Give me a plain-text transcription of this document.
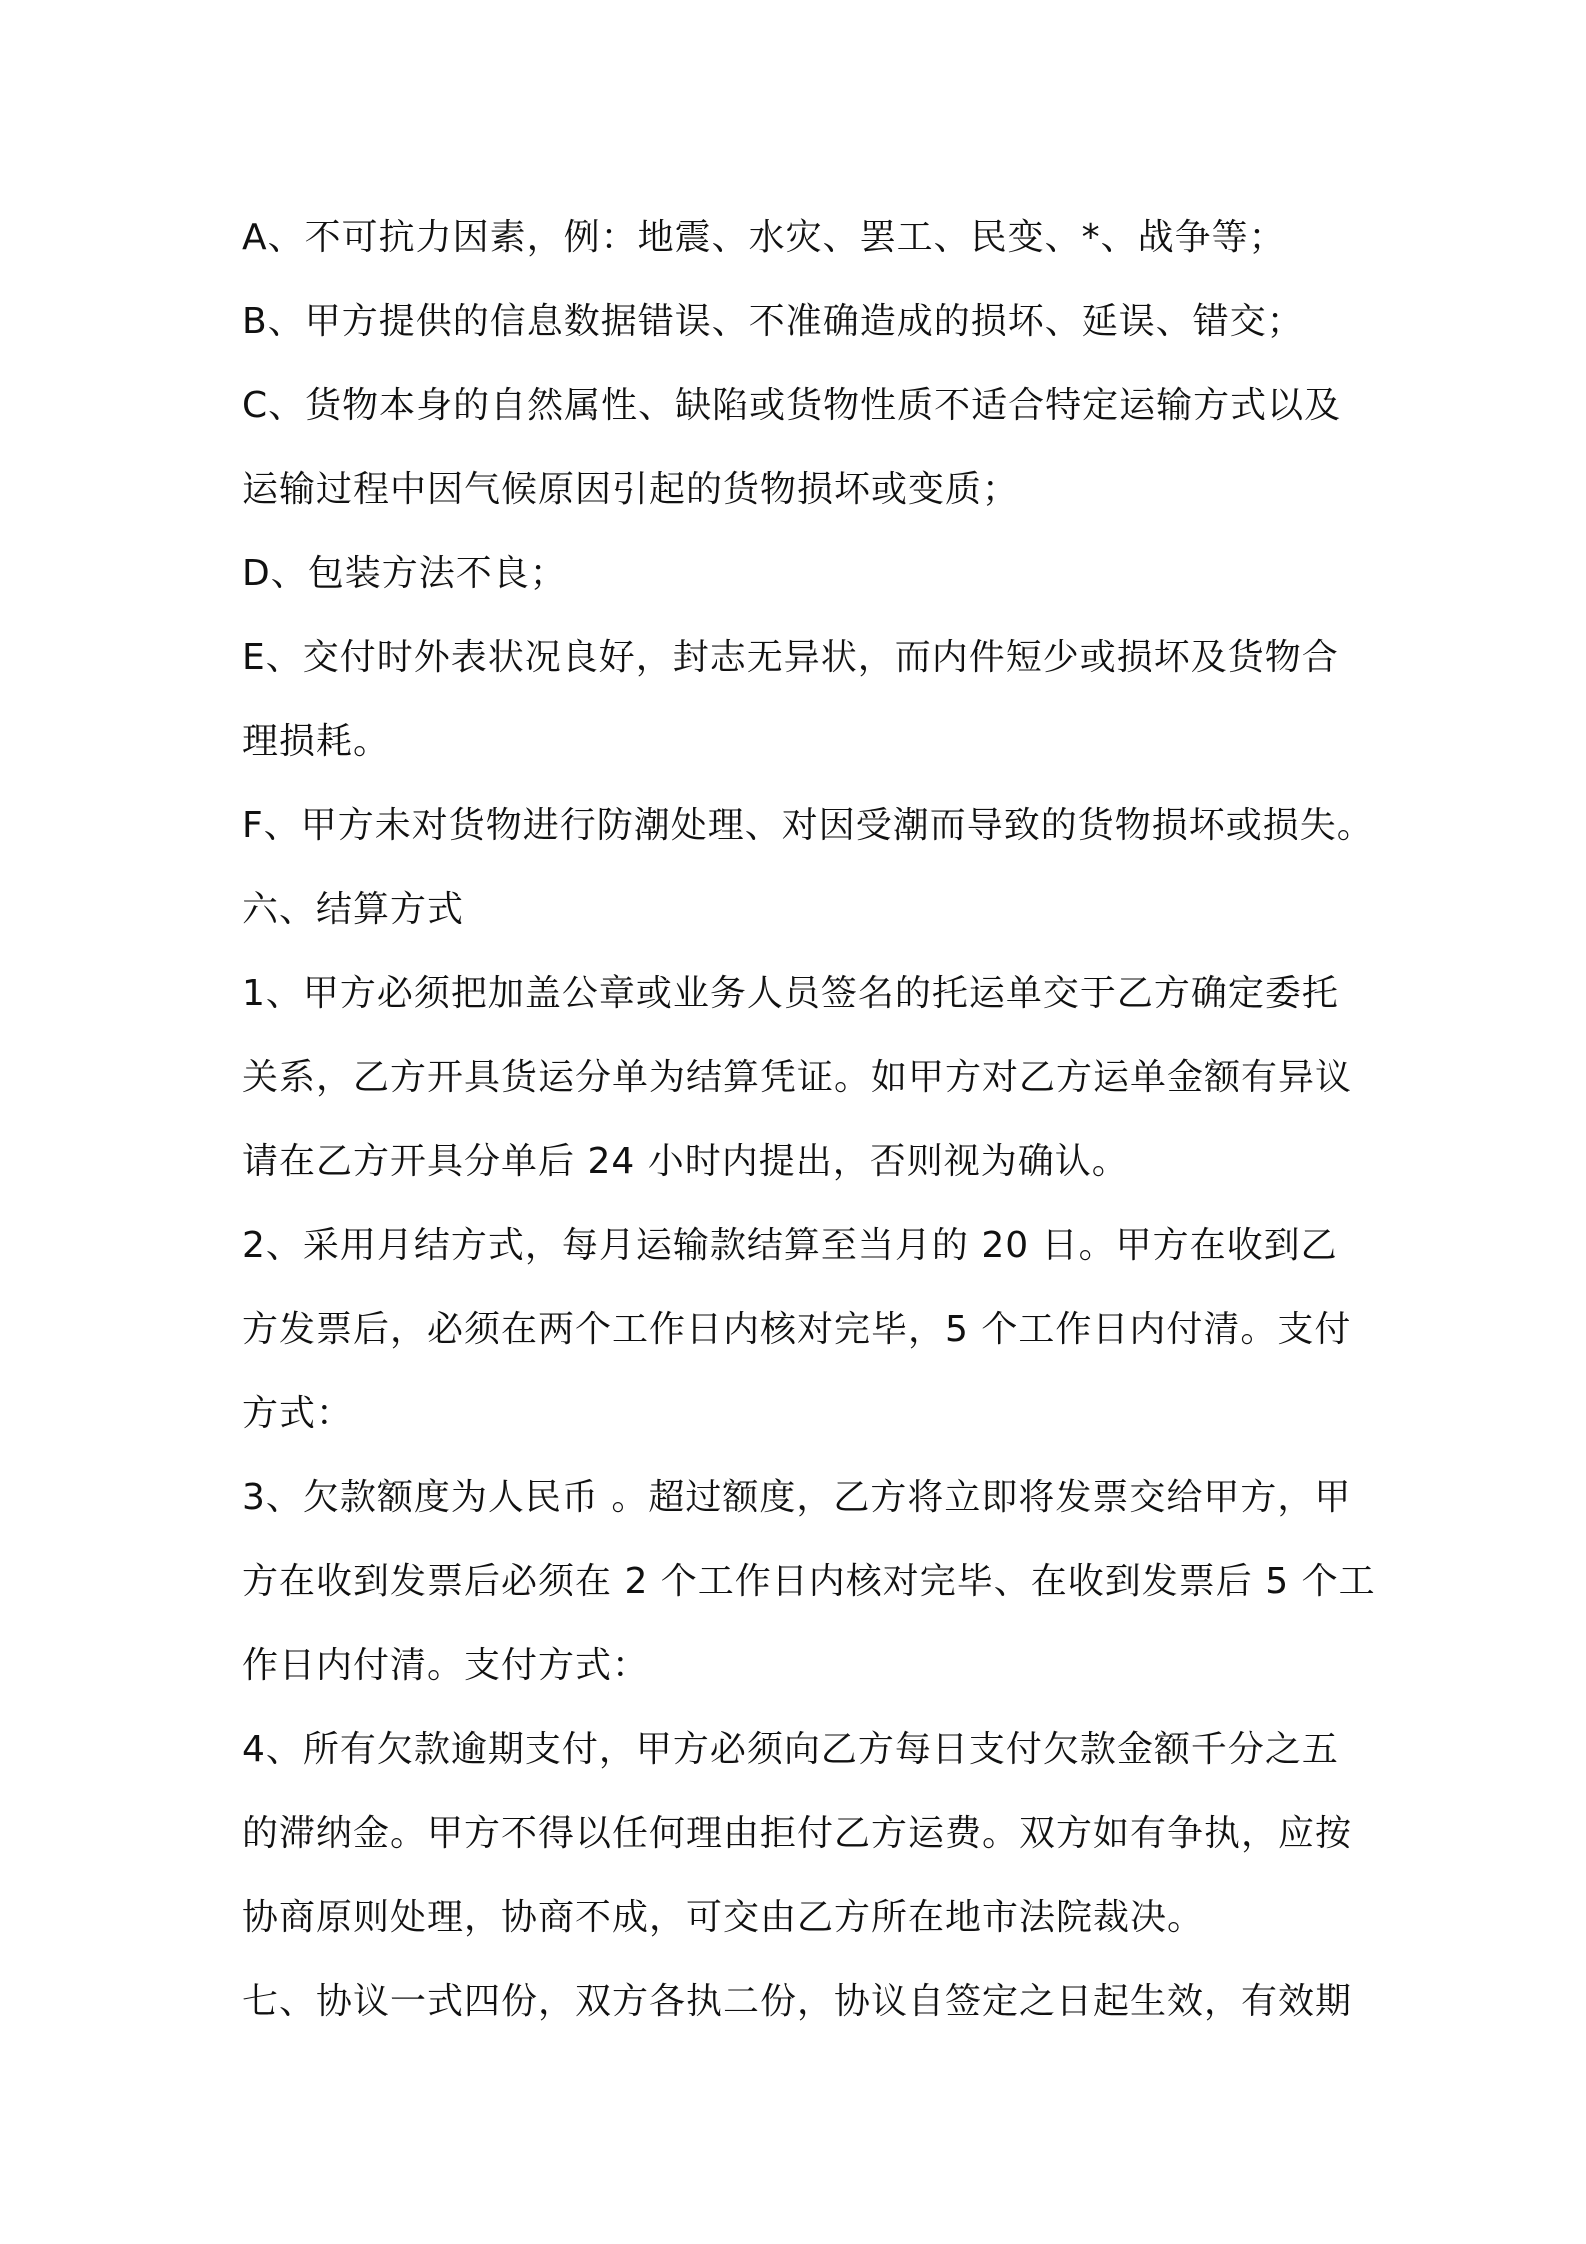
A、不可抗力因素，例：地震、水灾、罢工、民变、*、战争等；
B、甲方提供的信息数据错误、不准确造成的损坏、延误、错交；
C、货物本身的自然属性、缺陷或货物性质不适合特定运输方式以及
运输过程中因气候原因引起的货物损坏或变质；
D、包装方法不良；
E、交付时外表状况良好，封志无异状，而内件短少或损坏及货物合
理损耗。
F、甲方未对货物进行防潮处理、对因受潮而导致的货物损坏或损失。
六、结算方式
1、甲方必须把加盖公章或业务人员签名的托运单交于乙方确定委托
关系，乙方开具货运分单为结算凭证。如甲方对乙方运单金额有异议
请在乙方开具分单后 24 小时内提出，否则视为确认。
2、采用月结方式，每月运输款结算至当月的 20 日。甲方在收到乙
方发票后，必须在两个工作日内核对完毕，5 个工作日内付清。支付
方式：
3、欠款额度为人民币 。超过额度，乙方将立即将发票交给甲方，甲
方在收到发票后必须在 2 个工作日内核对完毕、在收到发票后 5 个工
作日内付清。支付方式：
4、所有欠款逾期支付，甲方必须向乙方每日支付欠款金额千分之五
的滞纳金。甲方不得以任何理由拒付乙方运费。双方如有争执，应按
协商原则处理，协商不成，可交由乙方所在地市法院裁决。
七、协议一式四份，双方各执二份，协议自签定之日起生效，有效期
